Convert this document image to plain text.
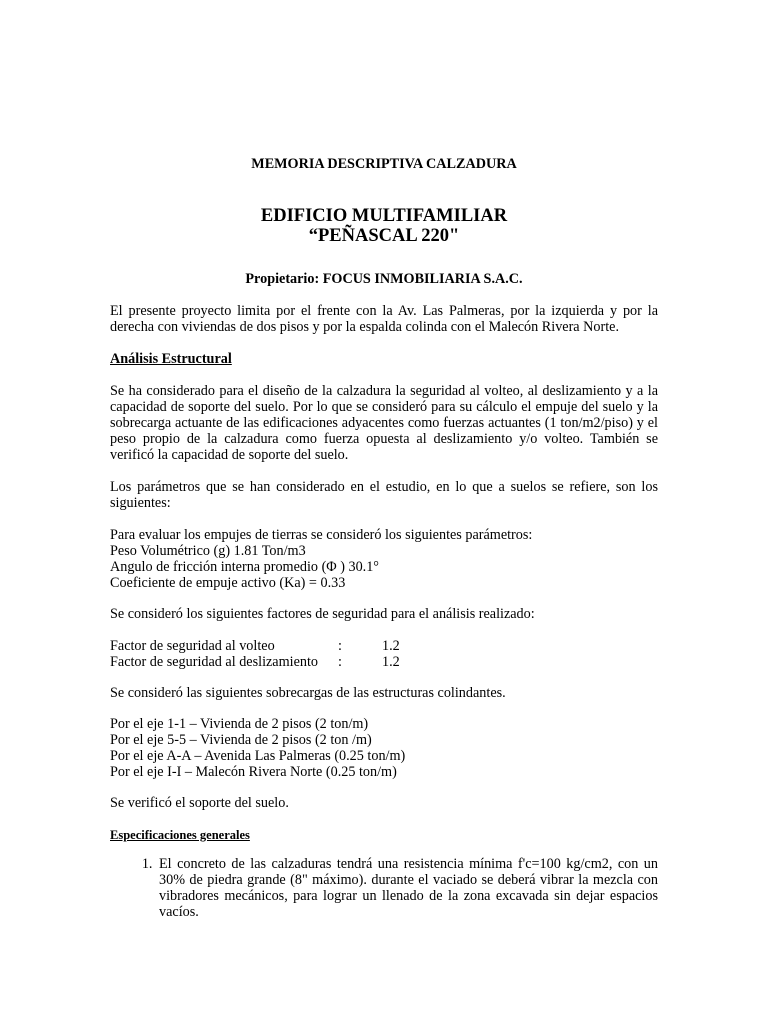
MEMORIA DESCRIPTIVA CALZADURA
EDIFICIO MULTIFAMILIAR
“PEÑASCAL 220"
Propietario: FOCUS INMOBILIARIA S.A.C.

El presente proyecto limita por el frente con la Av. Las Palmeras, por la izquierda y por la derecha con viviendas de dos pisos y por la espalda colinda con el Malecón Rivera Norte.

Análisis Estructural

Se ha considerado para el diseño de la calzadura la seguridad al volteo, al deslizamiento y a la capacidad de soporte del suelo. Por lo que se consideró para su cálculo el empuje del suelo y la sobrecarga actuante de las edificaciones adyacentes como fuerzas actuantes (1 ton/m2/piso) y el peso propio de la calzadura como fuerza opuesta al deslizamiento y/o volteo. También se verificó la capacidad de soporte del suelo.

Los parámetros que se han considerado en el estudio, en lo que a suelos se refiere, son los siguientes:

Para evaluar los empujes de tierras se consideró los siguientes parámetros:

Peso Volumétrico (g) 1.81 Ton/m3

Angulo de fricción interna promedio (Φ ) 30.1°

Coeficiente de empuje activo (Ka) = 0.33

Se consideró los siguientes factores de seguridad para el análisis realizado:

Factor de seguridad al volteo	:	1.2
Factor de seguridad al deslizamiento	:	1.2

Se consideró las siguientes sobrecargas de las estructuras colindantes.

Por el eje 1-1 – Vivienda de 2 pisos (2 ton/m)

Por el eje 5-5 – Vivienda de 2 pisos (2 ton /m)

Por el eje A-A – Avenida Las Palmeras (0.25 ton/m)

Por el eje I-I – Malecón Rivera Norte (0.25 ton/m)

Se verificó el soporte del suelo.

Especificaciones generales

1. El concreto de las calzaduras tendrá una resistencia mínima f'c=100 kg/cm2, con un 30% de piedra grande (8" máximo). durante el vaciado se deberá vibrar la mezcla con vibradores mecánicos, para lograr un llenado de la zona excavada sin dejar espacios vacíos.
